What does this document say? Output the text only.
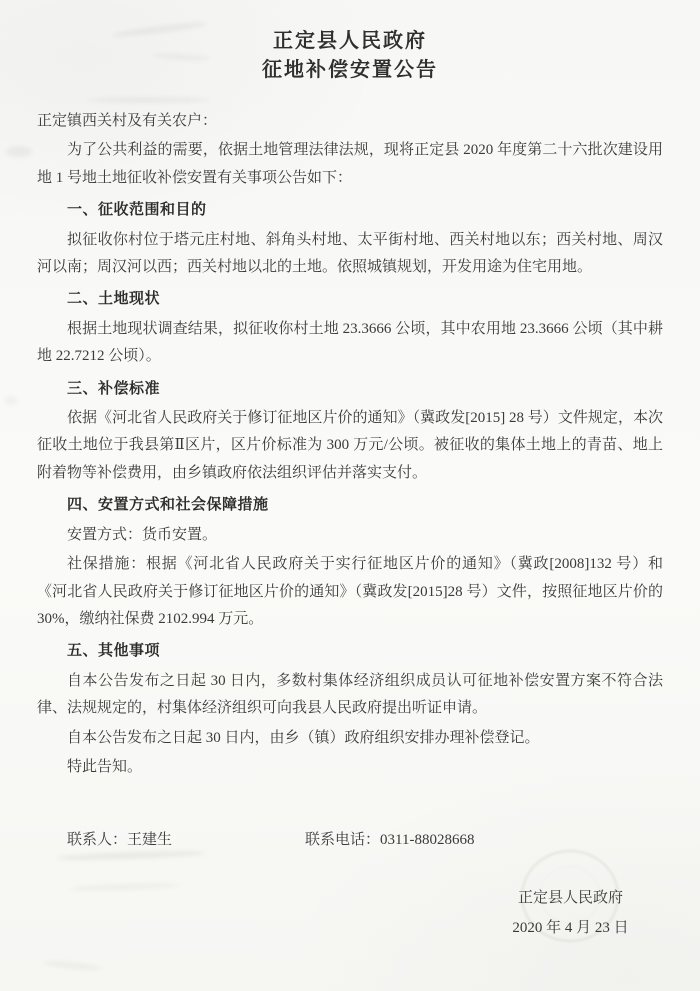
正定县人民政府
征地补偿安置公告

正定镇西关村及有关农户：

为了公共利益的需要，依据土地管理法律法规，现将正定县 2020 年度第二十六批次建设用地 1 号地土地征收补偿安置有关事项公告如下：

一、征收范围和目的

拟征收你村位于塔元庄村地、斜角头村地、太平街村地、西关村地以东；西关村地、周汉河以南；周汉河以西；西关村地以北的土地。依照城镇规划，开发用途为住宅用地。

二、土地现状

根据土地现状调查结果，拟征收你村土地 23.3666 公顷，其中农用地 23.3666 公顷（其中耕地 22.7212 公顷）。

三、补偿标准

依据《河北省人民政府关于修订征地区片价的通知》（冀政发[2015] 28 号）文件规定，本次征收土地位于我县第Ⅱ区片，区片价标准为 300 万元/公顷。被征收的集体土地上的青苗、地上附着物等补偿费用，由乡镇政府依法组织评估并落实支付。

四、安置方式和社会保障措施

安置方式：货币安置。

社保措施：根据《河北省人民政府关于实行征地区片价的通知》（冀政[2008]132 号）和《河北省人民政府关于修订征地区片价的通知》（冀政发[2015]28 号）文件，按照征地区片价的 30%，缴纳社保费 2102.994 万元。

五、其他事项

自本公告发布之日起 30 日内，多数村集体经济组织成员认可征地补偿安置方案不符合法律、法规规定的，村集体经济组织可向我县人民政府提出听证申请。

自本公告发布之日起 30 日内，由乡（镇）政府组织安排办理补偿登记。

特此告知。

联系人：王建生	联系电话：0311-88028668
正定县人民政府
2020 年 4 月 23 日
